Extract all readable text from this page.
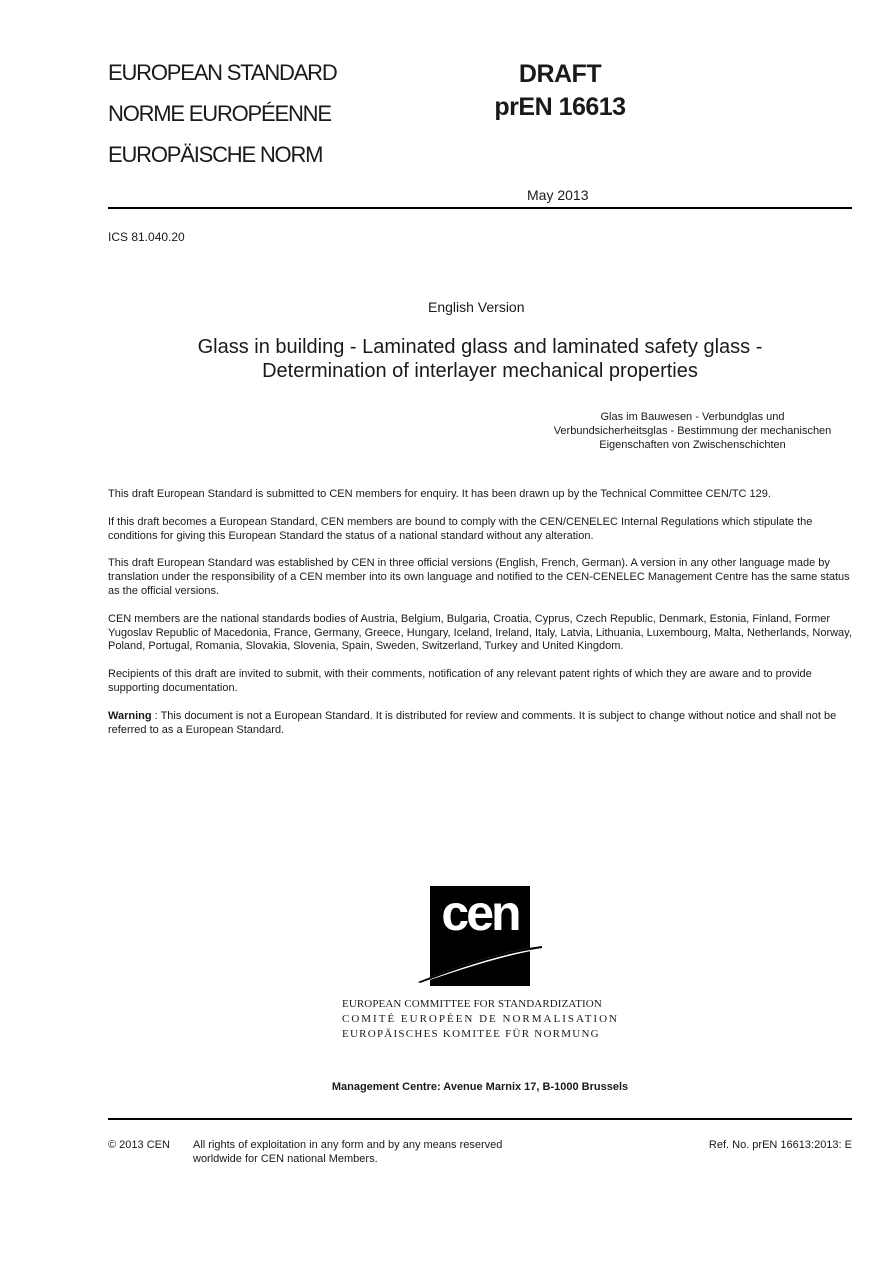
EUROPEAN STANDARD
NORME EUROPÉENNE
EUROPÄISCHE NORM
DRAFT
prEN 16613
May 2013
ICS 81.040.20
English Version
Glass in building - Laminated glass and laminated safety glass -
Determination of interlayer mechanical properties
Glas im Bauwesen - Verbundglas und
Verbundsicherheitsglas - Bestimmung der mechanischen
Eigenschaften von Zwischenschichten

This draft European Standard is submitted to CEN members for enquiry. It has been drawn up by the Technical Committee CEN/TC 129.

If this draft becomes a European Standard, CEN members are bound to comply with the CEN/CENELEC Internal Regulations which stipulate the conditions for giving this European Standard the status of a national standard without any alteration.

This draft European Standard was established by CEN in three official versions (English, French, German). A version in any other language made by translation under the responsibility of a CEN member into its own language and notified to the CEN-CENELEC Management Centre has the same status as the official versions.

CEN members are the national standards bodies of Austria, Belgium, Bulgaria, Croatia, Cyprus, Czech Republic, Denmark, Estonia, Finland, Former Yugoslav Republic of Macedonia, France, Germany, Greece, Hungary, Iceland, Ireland, Italy, Latvia, Lithuania, Luxembourg, Malta, Netherlands, Norway, Poland, Portugal, Romania, Slovakia, Slovenia, Spain, Sweden, Switzerland, Turkey and United Kingdom.

Recipients of this draft are invited to submit, with their comments, notification of any relevant patent rights of which they are aware and to provide supporting documentation.

Warning : This document is not a European Standard. It is distributed for review and comments. It is subject to change without notice and shall not be referred to as a European Standard.

cen
EUROPEAN COMMITTEE FOR STANDARDIZATION
COMITÉ EUROPÉEN DE NORMALISATION
EUROPÄISCHES KOMITEE FÜR NORMUNG
Management Centre: Avenue Marnix 17, B-1000 Brussels
© 2013 CEN All rights of exploitation in any form and by any means reserved
worldwide for CEN national Members.
Ref. No. prEN 16613:2013: E
